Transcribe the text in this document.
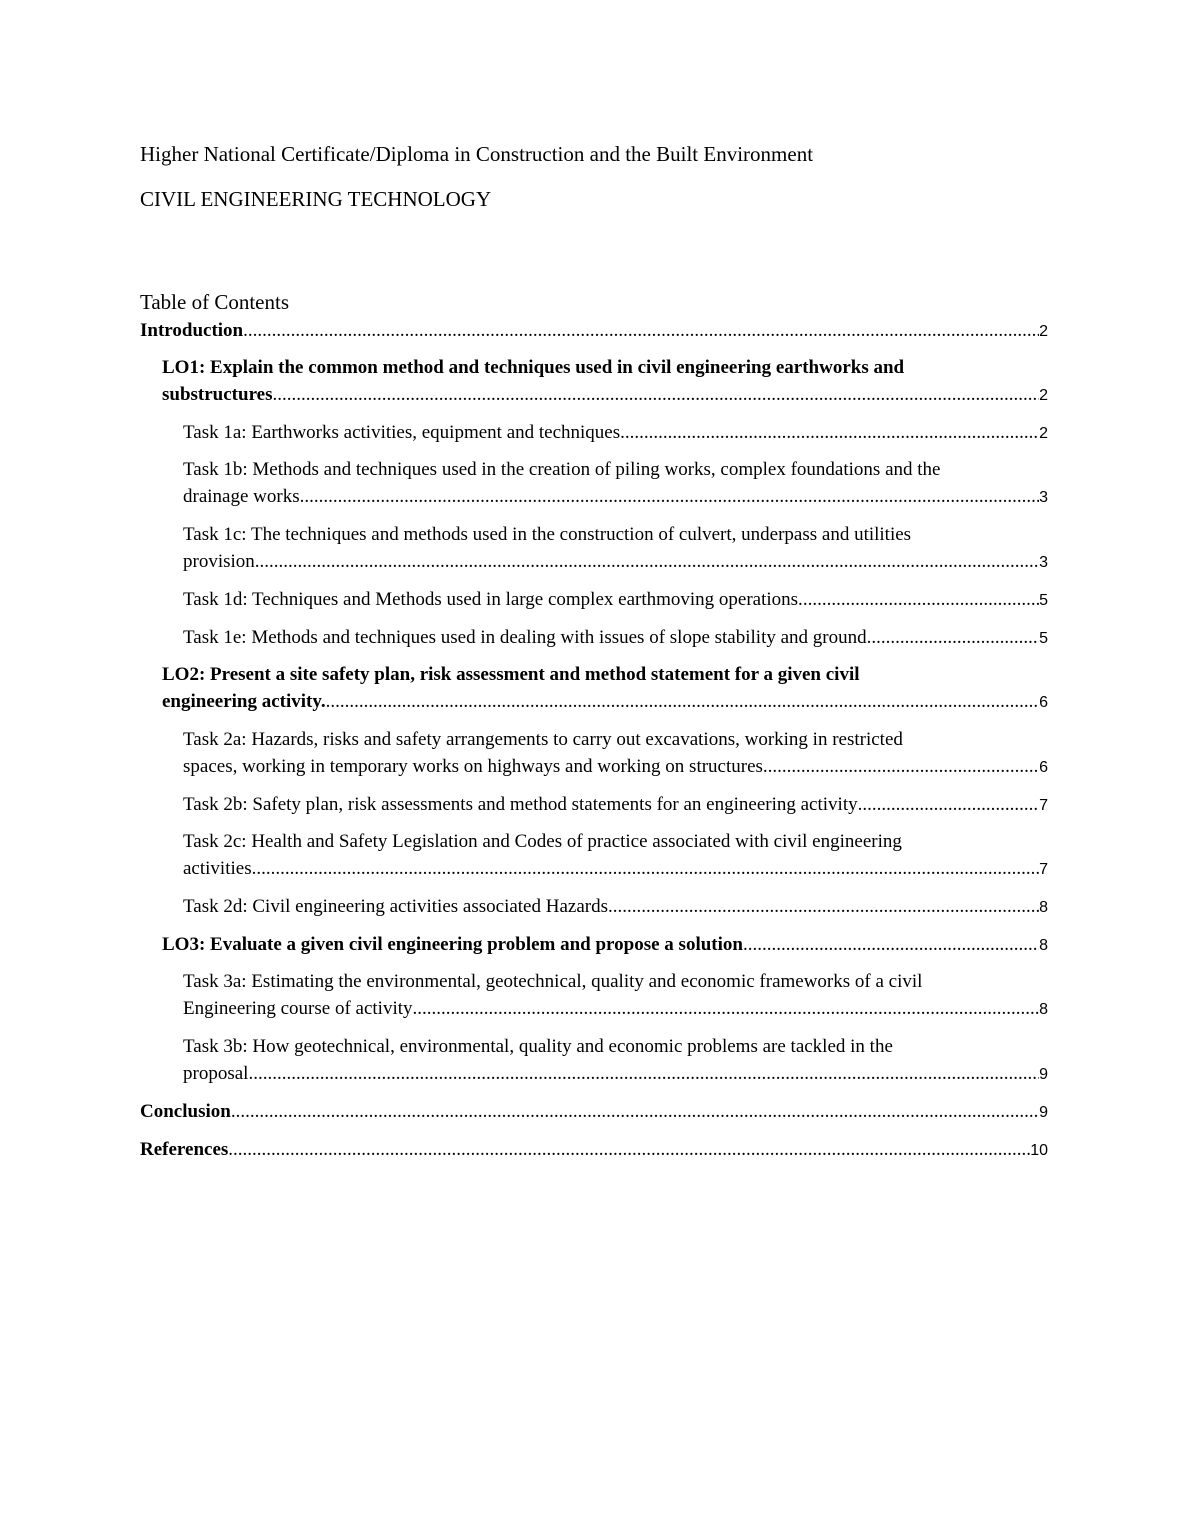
Higher National Certificate/Diploma in Construction and the Built Environment
CIVIL ENGINEERING TECHNOLOGY
Table of Contents
Introduction .....	2
LO1: Explain the common method and techniques used in civil engineering earthworks and
substructures .....	2
Task 1a: Earthworks activities, equipment and techniques. .....	2
Task 1b: Methods and techniques used in the creation of piling works, complex foundations and the
drainage works .....	3
Task 1c: The techniques and methods used in the construction of culvert, underpass and utilities
provision .....	3
Task 1d: Techniques and Methods used in large complex earthmoving operations. .....	5
Task 1e: Methods and techniques used in dealing with issues of slope stability and ground .....	5
LO2: Present a site safety plan, risk assessment and method statement for a given civil
engineering activity. .....	6
Task 2a: Hazards, risks and safety arrangements to carry out excavations, working in restricted
spaces, working in temporary works on highways and working on structures. .....	6
Task 2b: Safety plan, risk assessments and method statements for an engineering activity .....	7
Task 2c: Health and Safety Legislation and Codes of practice associated with civil engineering
activities .....	7
Task 2d: Civil engineering activities associated Hazards. .....	8
LO3: Evaluate a given civil engineering problem and propose a solution .....	8
Task 3a: Estimating the environmental, geotechnical, quality and economic frameworks of a civil
Engineering course of activity .....	8
Task 3b: How geotechnical, environmental, quality and economic problems are tackled in the
proposal .....	9
Conclusion .....	9
References .....	10
